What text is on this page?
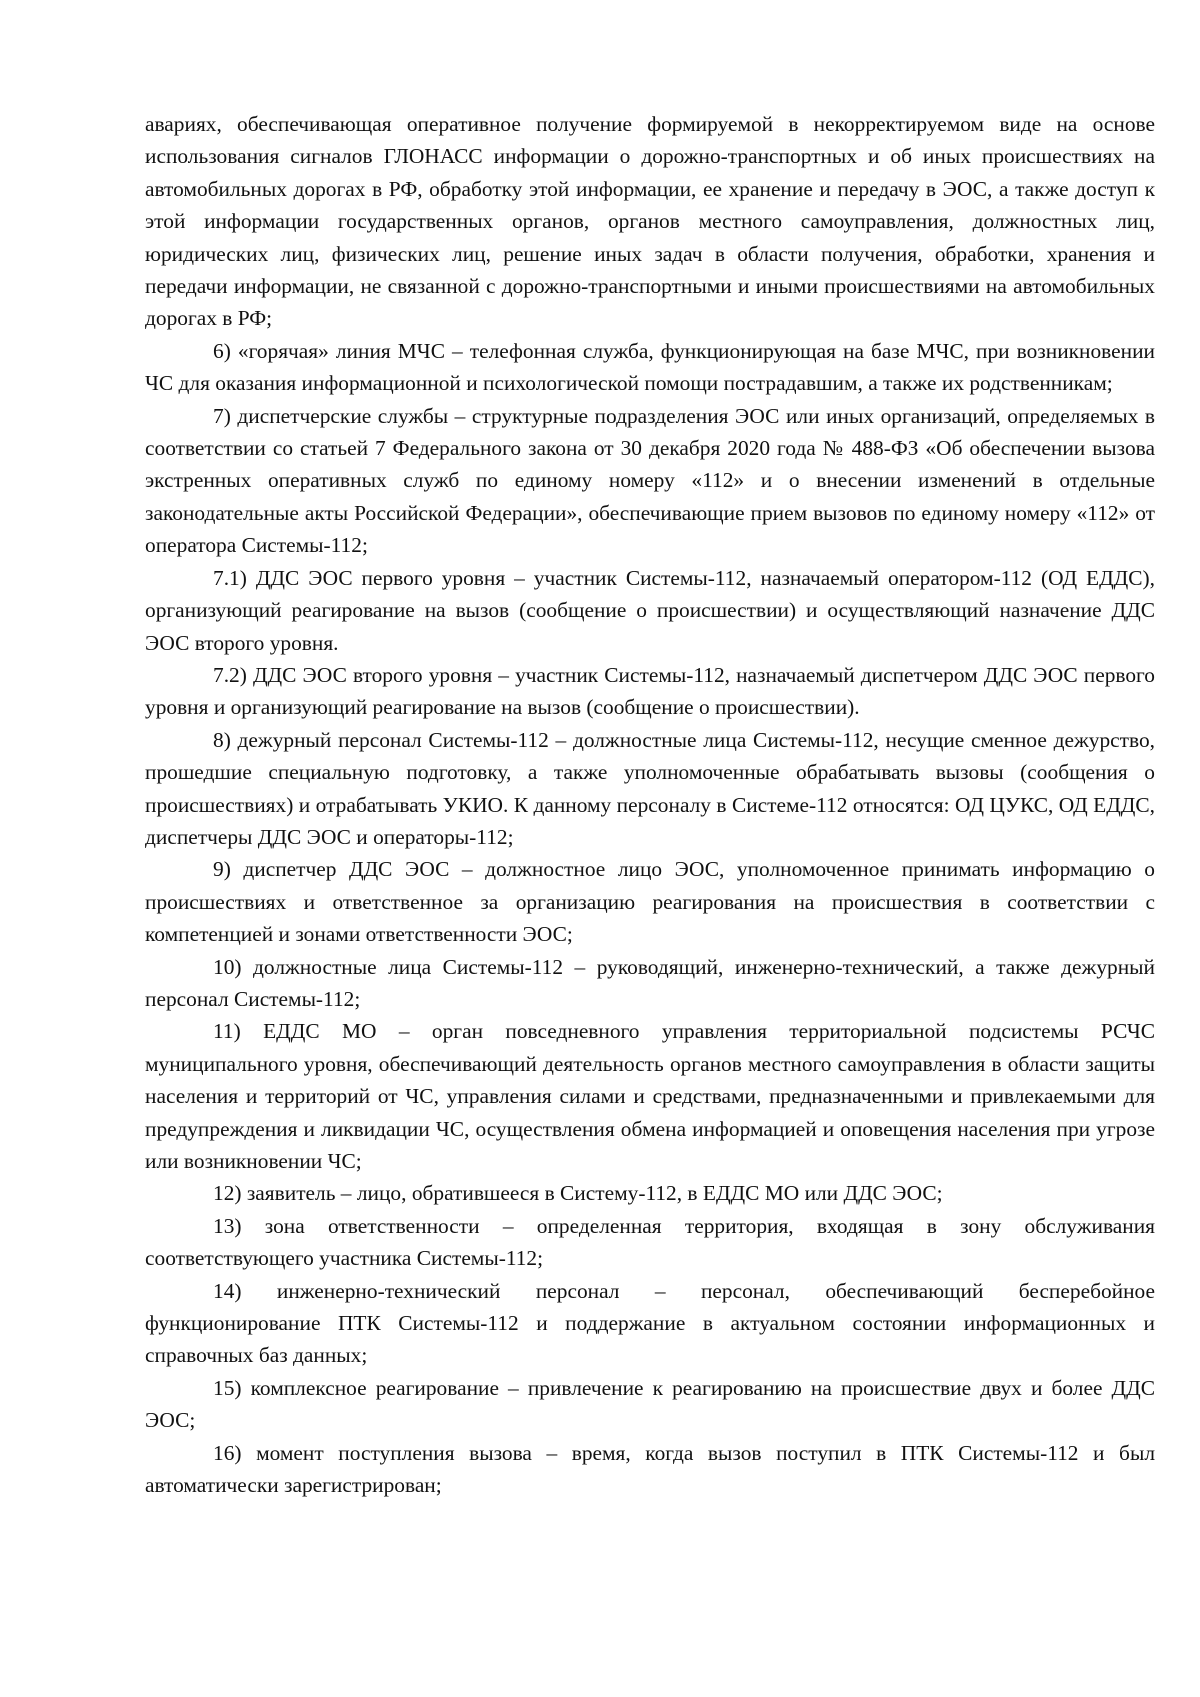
авариях, обеспечивающая оперативное получение формируемой в некорректируемом виде на основе использования сигналов ГЛОНАСС информации о дорожно-транспортных и об иных происшествиях на автомобильных дорогах в РФ, обработку этой информации, ее хранение и передачу в ЭОС, а также доступ к этой информации государственных органов, органов местного самоуправления, должностных лиц, юридических лиц, физических лиц, решение иных задач в области получения, обработки, хранения и передачи информации, не связанной с дорожно-транспортными и иными происшествиями на автомобильных дорогах в РФ;

6) «горячая» линия МЧС – телефонная служба, функционирующая на базе МЧС, при возникновении ЧС для оказания информационной и психологической помощи пострадавшим, а также их родственникам;

7) диспетчерские службы – структурные подразделения ЭОС или иных организаций, определяемых в соответствии со статьей 7 Федерального закона от 30 декабря 2020 года № 488-ФЗ «Об обеспечении вызова экстренных оперативных служб по единому номеру «112» и о внесении изменений в отдельные законодательные акты Российской Федерации», обеспечивающие прием вызовов по единому номеру «112» от оператора Системы-112;

7.1) ДДС ЭОС первого уровня – участник Системы-112, назначаемый оператором-112 (ОД ЕДДС), организующий реагирование на вызов (сообщение о происшествии) и осуществляющий назначение ДДС ЭОС второго уровня.

7.2) ДДС ЭОС второго уровня – участник Системы-112, назначаемый диспетчером ДДС ЭОС первого уровня и организующий реагирование на вызов (сообщение о происшествии).

8) дежурный персонал Системы-112 – должностные лица Системы-112, несущие сменное дежурство, прошедшие специальную подготовку, а также уполномоченные обрабатывать вызовы (сообщения о происшествиях) и отрабатывать УКИО. К данному персоналу в Системе-112 относятся: ОД ЦУКС, ОД ЕДДС, диспетчеры ДДС ЭОС и операторы-112;

9) диспетчер ДДС ЭОС – должностное лицо ЭОС, уполномоченное принимать информацию о происшествиях и ответственное за организацию реагирования на происшествия в соответствии с компетенцией и зонами ответственности ЭОС;

10) должностные лица Системы-112 – руководящий, инженерно-технический, а также дежурный персонал Системы-112;

11) ЕДДС МО – орган повседневного управления территориальной подсистемы РСЧС муниципального уровня, обеспечивающий деятельность органов местного самоуправления в области защиты населения и территорий от ЧС, управления силами и средствами, предназначенными и привлекаемыми для предупреждения и ликвидации ЧС, осуществления обмена информацией и оповещения населения при угрозе или возникновении ЧС;

12) заявитель – лицо, обратившееся в Систему-112, в ЕДДС МО или ДДС ЭОС;

13) зона ответственности – определенная территория, входящая в зону обслуживания соответствующего участника Системы-112;

14) инженерно-технический персонал – персонал, обеспечивающий бесперебойное функционирование ПТК Системы-112 и поддержание в актуальном состоянии информационных и справочных баз данных;

15) комплексное реагирование – привлечение к реагированию на происшествие двух и более ДДС ЭОС;

16) момент поступления вызова – время, когда вызов поступил в ПТК Системы-112 и был автоматически зарегистрирован;
